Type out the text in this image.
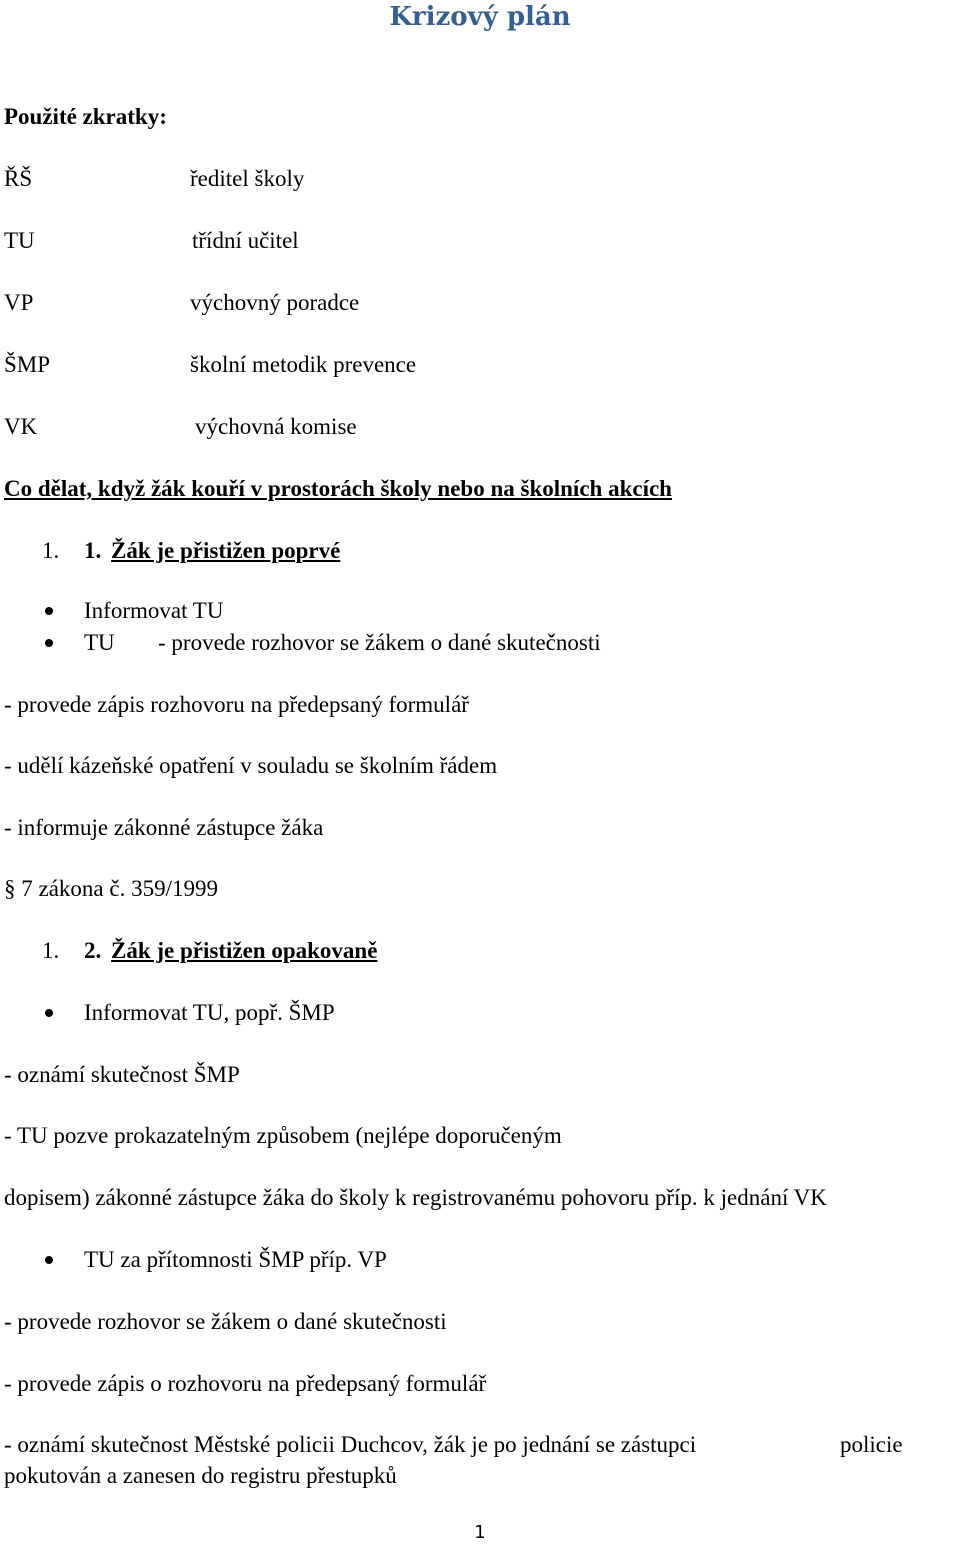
Krizový plán
Použité zkratky:
ŘŠ	ředitel školy
TU	třídní učitel
VP	výchovný poradce
ŠMP	školní metodik prevence
VK	výchovná komise
Co dělat, když žák kouří v prostorách školy nebo na školních akcích
1. 1. Žák je přistižen poprvé
Informovat TU
TU - provede rozhovor se žákem o dané skutečnosti
- provede zápis rozhovoru na předepsaný formulář
- udělí kázeňské opatření v souladu se školním řádem
- informuje zákonné zástupce žáka
§ 7 zákona č. 359/1999
1. 2. Žák je přistižen opakovaně
Informovat TU, popř. ŠMP
- oznámí skutečnost ŠMP
- TU pozve prokazatelným způsobem (nejlépe doporučeným
dopisem) zákonné zástupce žáka do školy k registrovanému pohovoru příp. k jednání VK
TU za přítomnosti ŠMP příp. VP
- provede rozhovor se žákem o dané skutečnosti
- provede zápis o rozhovoru na předepsaný formulář
- oznámí skutečnost Městské policii Duchcov, žák je po jednání se zástupci	policie
pokutován a zanesen do registru přestupků
1
